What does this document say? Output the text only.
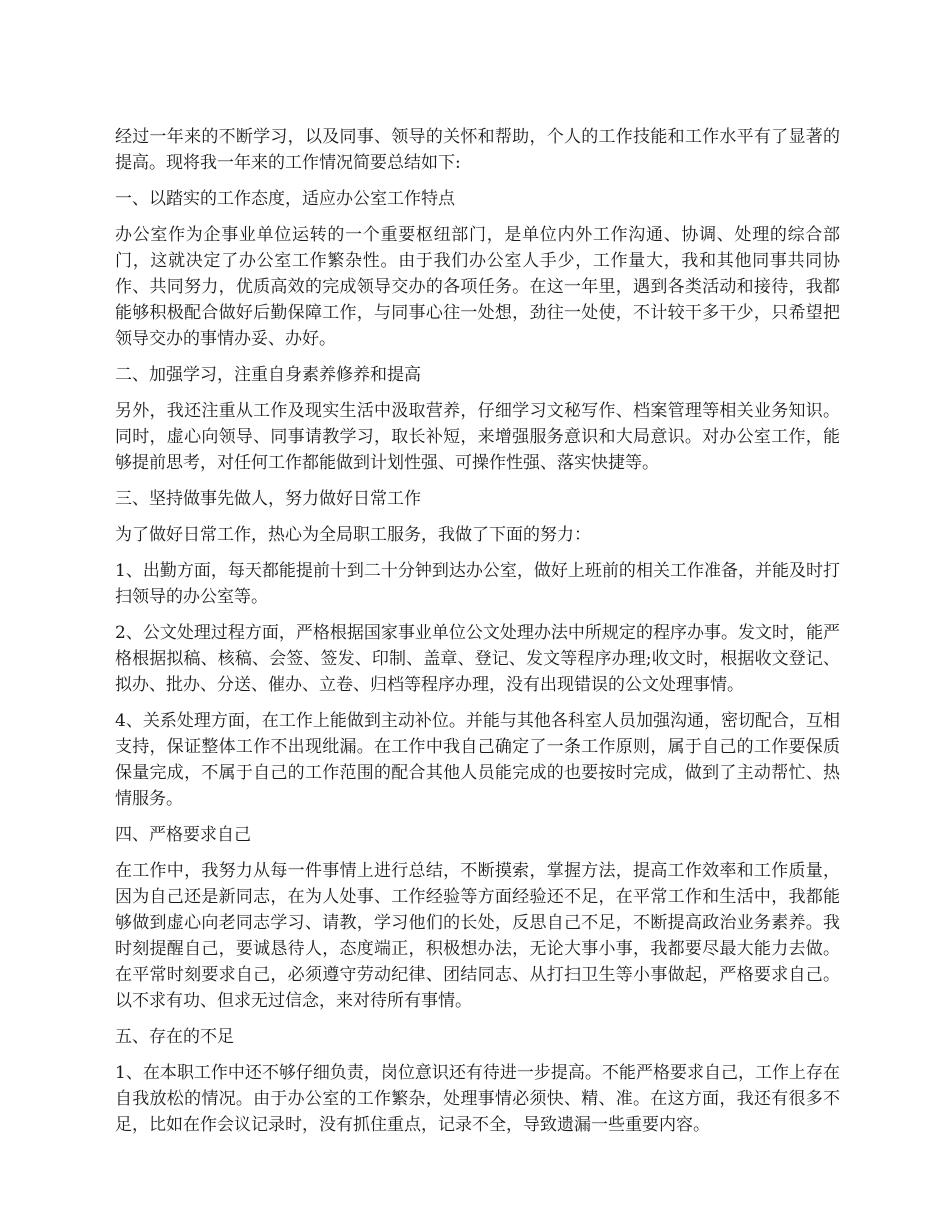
经过一年来的不断学习，以及同事、领导的关怀和帮助，个人的工作技能和工作水平有了显著的提高。现将我一年来的工作情况简要总结如下:

一、以踏实的工作态度，适应办公室工作特点

办公室作为企事业单位运转的一个重要枢纽部门，是单位内外工作沟通、协调、处理的综合部门，这就决定了办公室工作繁杂性。由于我们办公室人手少，工作量大，我和其他同事共同协作、共同努力，优质高效的完成领导交办的各项任务。在这一年里，遇到各类活动和接待，我都能够积极配合做好后勤保障工作，与同事心往一处想，劲往一处使，不计较干多干少，只希望把领导交办的事情办妥、办好。

二、加强学习，注重自身素养修养和提高

另外，我还注重从工作及现实生活中汲取营养，仔细学习文秘写作、档案管理等相关业务知识。同时，虚心向领导、同事请教学习，取长补短，来增强服务意识和大局意识。对办公室工作，能够提前思考，对任何工作都能做到计划性强、可操作性强、落实快捷等。

三、坚持做事先做人，努力做好日常工作

为了做好日常工作，热心为全局职工服务，我做了下面的努力：

1、出勤方面，每天都能提前十到二十分钟到达办公室，做好上班前的相关工作准备，并能及时打扫领导的办公室等。

2、公文处理过程方面，严格根据国家事业单位公文处理办法中所规定的程序办事。发文时，能严格根据拟稿、核稿、会签、签发、印制、盖章、登记、发文等程序办理;收文时，根据收文登记、拟办、批办、分送、催办、立卷、归档等程序办理，没有出现错误的公文处理事情。

4、关系处理方面，在工作上能做到主动补位。并能与其他各科室人员加强沟通，密切配合，互相支持，保证整体工作不出现纰漏。在工作中我自己确定了一条工作原则，属于自己的工作要保质保量完成，不属于自己的工作范围的配合其他人员能完成的也要按时完成，做到了主动帮忙、热情服务。

四、严格要求自己

在工作中，我努力从每一件事情上进行总结，不断摸索，掌握方法，提高工作效率和工作质量，因为自己还是新同志，在为人处事、工作经验等方面经验还不足，在平常工作和生活中，我都能够做到虚心向老同志学习、请教，学习他们的长处，反思自己不足，不断提高政治业务素养。我时刻提醒自己，要诚恳待人，态度端正，积极想办法，无论大事小事，我都要尽最大能力去做。在平常时刻要求自己，必须遵守劳动纪律、团结同志、从打扫卫生等小事做起，严格要求自己。以不求有功、但求无过信念，来对待所有事情。

五、存在的不足

1、在本职工作中还不够仔细负责，岗位意识还有待进一步提高。不能严格要求自己，工作上存在自我放松的情况。由于办公室的工作繁杂，处理事情必须快、精、准。在这方面，我还有很多不足，比如在作会议记录时，没有抓住重点，记录不全，导致遗漏一些重要内容。
